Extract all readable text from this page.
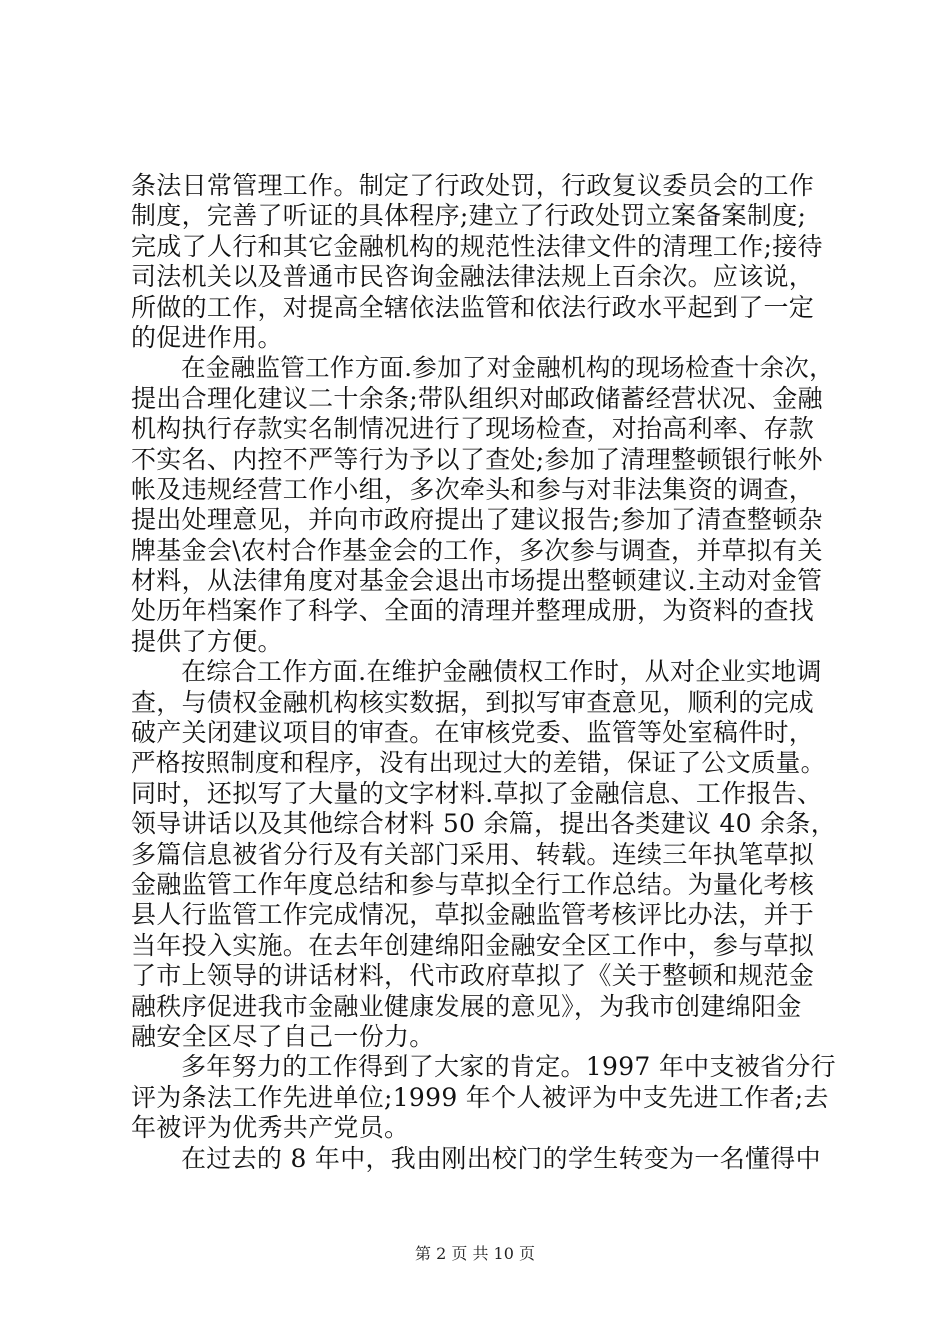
条法日常管理工作。制定了行政处罚，行政复议委员会的工作
制度，完善了听证的具体程序;建立了行政处罚立案备案制度;
完成了人行和其它金融机构的规范性法律文件的清理工作;接待
司法机关以及普通市民咨询金融法律法规上百余次。应该说，
所做的工作，对提高全辖依法监管和依法行政水平起到了一定
的促进作用。
在金融监管工作方面.参加了对金融机构的现场检查十余次，
提出合理化建议二十余条;带队组织对邮政储蓄经营状况、金融
机构执行存款实名制情况进行了现场检查，对抬高利率、存款
不实名、内控不严等行为予以了查处;参加了清理整顿银行帐外
帐及违规经营工作小组，多次牵头和参与对非法集资的调查，
提出处理意见，并向市政府提出了建议报告;参加了清查整顿杂
牌基金会\农村合作基金会的工作，多次参与调查，并草拟有关
材料，从法律角度对基金会退出市场提出整顿建议.主动对金管
处历年档案作了科学、全面的清理并整理成册，为资料的查找
提供了方便。
在综合工作方面.在维护金融债权工作时，从对企业实地调
查，与债权金融机构核实数据，到拟写审查意见，顺利的完成
破产关闭建议项目的审查。在审核党委、监管等处室稿件时，
严格按照制度和程序，没有出现过大的差错，保证了公文质量。
同时，还拟写了大量的文字材料.草拟了金融信息、工作报告、
领导讲话以及其他综合材料 50 余篇，提出各类建议 40 余条，
多篇信息被省分行及有关部门采用、转载。连续三年执笔草拟
金融监管工作年度总结和参与草拟全行工作总结。为量化考核
县人行监管工作完成情况，草拟金融监管考核评比办法，并于
当年投入实施。在去年创建绵阳金融安全区工作中，参与草拟
了市上领导的讲话材料，代市政府草拟了《关于整顿和规范金
融秩序促进我市金融业健康发展的意见》，为我市创建绵阳金
融安全区尽了自己一份力。
多年努力的工作得到了大家的肯定。1997 年中支被省分行
评为条法工作先进单位;1999 年个人被评为中支先进工作者;去
年被评为优秀共产党员。
在过去的 8 年中，我由刚出校门的学生转变为一名懂得中
第 2 页 共 10 页
